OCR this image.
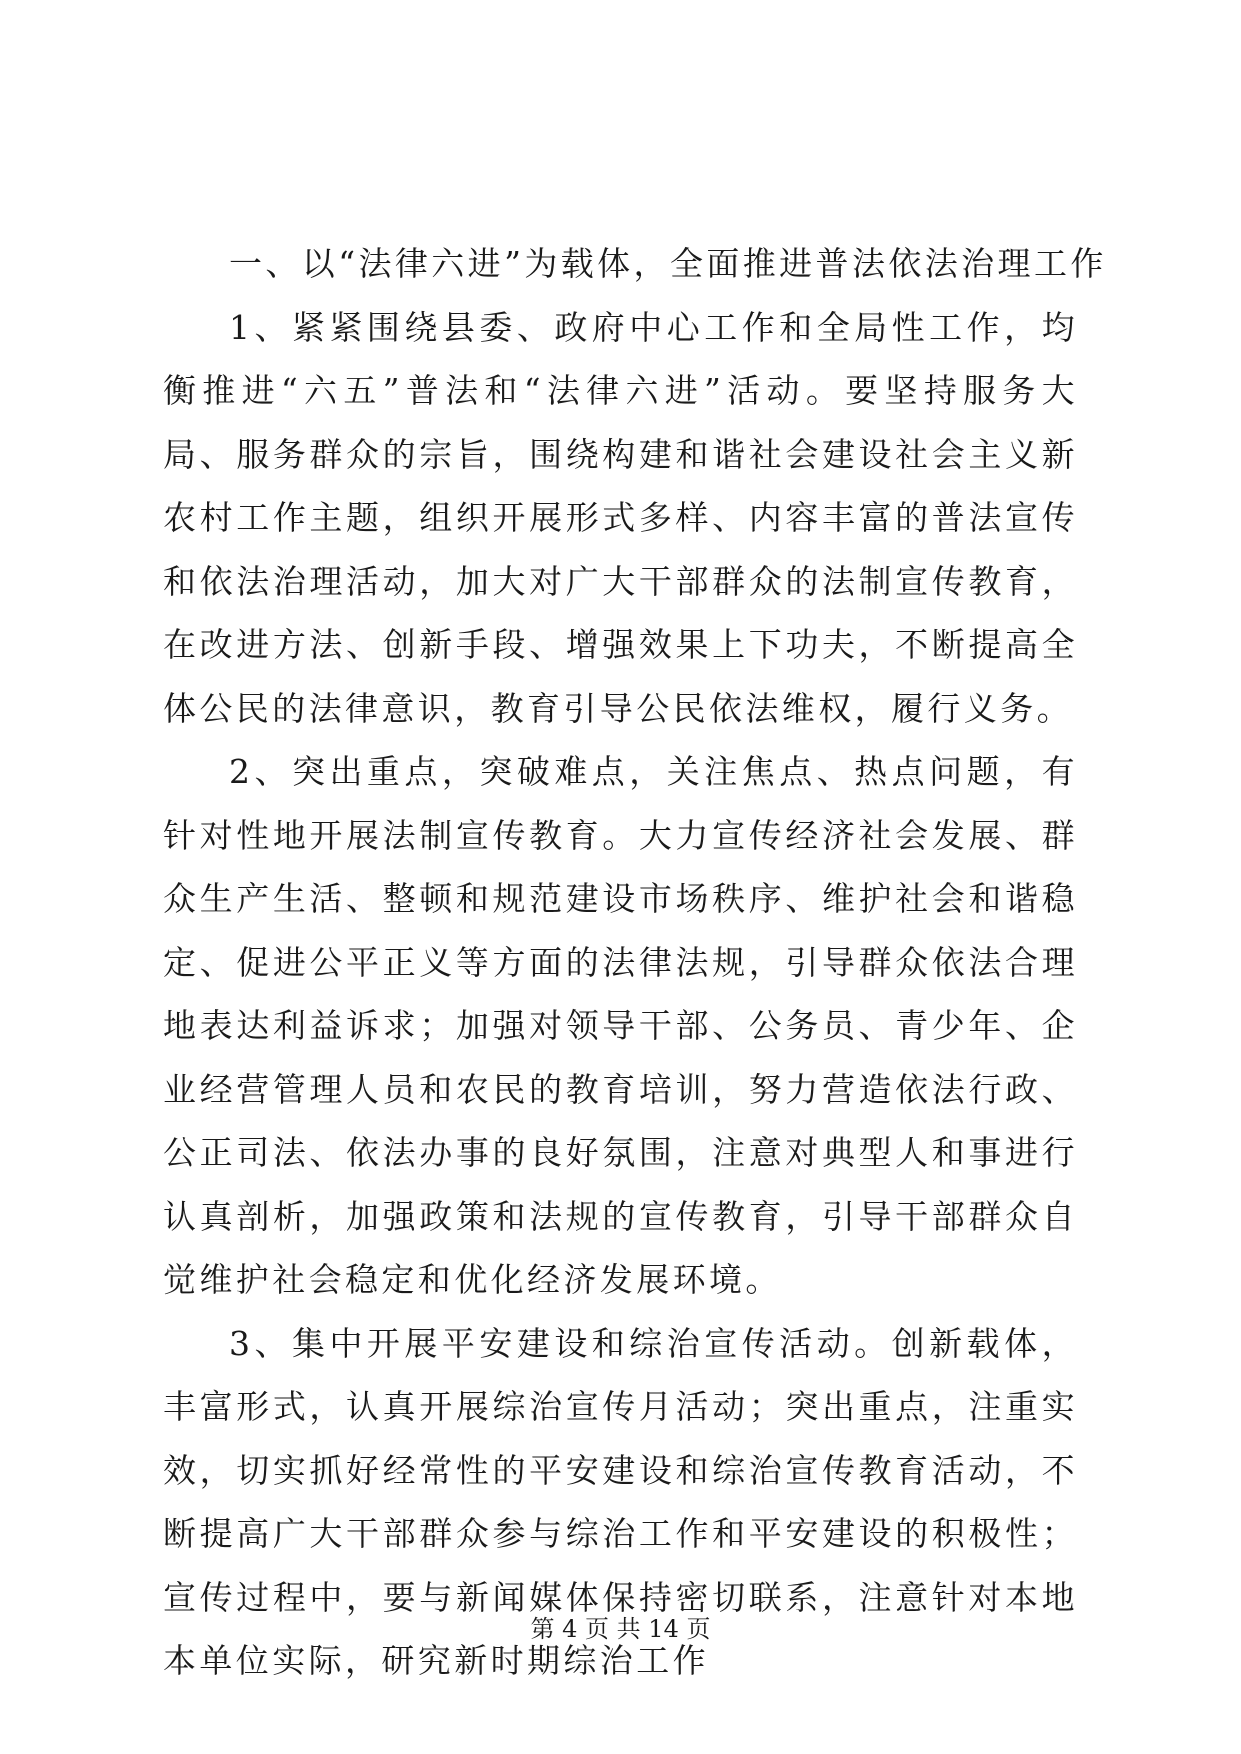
一、以“法律六进”为载体，全面推进普法依法治理工作

1、紧紧围绕县委、政府中心工作和全局性工作，均衡推进“六五”普法和“法律六进”活动。要坚持服务大局、服务群众的宗旨，围绕构建和谐社会建设社会主义新农村工作主题，组织开展形式多样、内容丰富的普法宣传和依法治理活动，加大对广大干部群众的法制宣传教育，在改进方法、创新手段、增强效果上下功夫，不断提高全体公民的法律意识，教育引导公民依法维权，履行义务。

2、突出重点，突破难点，关注焦点、热点问题，有针对性地开展法制宣传教育。大力宣传经济社会发展、群众生产生活、整顿和规范建设市场秩序、维护社会和谐稳定、促进公平正义等方面的法律法规，引导群众依法合理地表达利益诉求；加强对领导干部、公务员、青少年、企业经营管理人员和农民的教育培训，努力营造依法行政、公正司法、依法办事的良好氛围，注意对典型人和事进行认真剖析，加强政策和法规的宣传教育，引导干部群众自觉维护社会稳定和优化经济发展环境。

3、集中开展平安建设和综治宣传活动。创新载体，丰富形式，认真开展综治宣传月活动；突出重点，注重实效，切实抓好经常性的平安建设和综治宣传教育活动，不断提高广大干部群众参与综治工作和平安建设的积极性；宣传过程中，要与新闻媒体保持密切联系，注意针对本地本单位实际，研究新时期综治工作

第 4 页 共 14 页
